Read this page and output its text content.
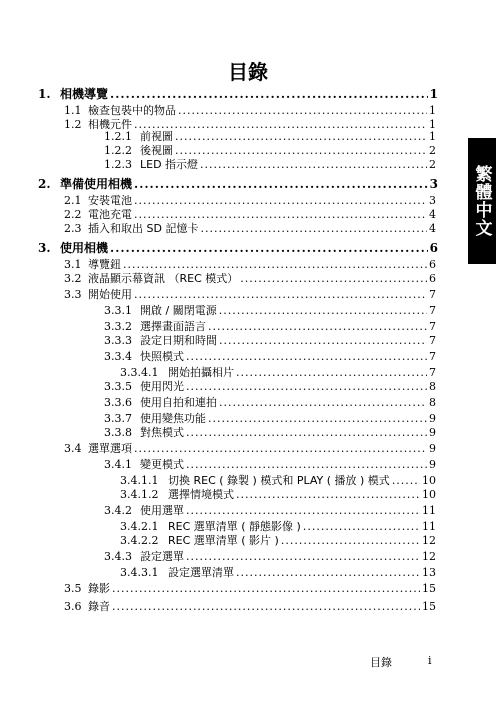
目錄
繁體中文
1. 相機導覽 .....	1
1.1 檢查包裝中的物品 .....	1
1.2 相機元件 .....	1
1.2.1 前視圖 .....	1
1.2.2 後視圖 .....	2
1.2.3 LED 指示燈 .....	2
2. 準備使用相機 .....	3
2.1 安裝電池 .....	3
2.2 電池充電 .....	4
2.3 插入和取出 SD 記憶卡 .....	4
3. 使用相機 .....	6
3.1 導覽鈕 .....	6
3.2 液晶顯示幕資訊 （REC 模式） .....	6
3.3 開始使用 .....	7
3.3.1 開啟 / 關閉電源 .....	7
3.3.2 選擇畫面語言 .....	7
3.3.3 設定日期和時間 .....	7
3.3.4 快照模式 .....	7
3.3.4.1 開始拍攝相片 .....	7
3.3.5 使用閃光 .....	8
3.3.6 使用自拍和連拍 .....	8
3.3.7 使用變焦功能 .....	9
3.3.8 對焦模式 .....	9
3.4 選單選項 .....	9
3.4.1 變更模式 .....	9
3.4.1.1 切換 REC ( 錄製 ) 模式和 PLAY ( 播放 ) 模式 .....	10
3.4.1.2 選擇情境模式 .....	10
3.4.2 使用選單 .....	11
3.4.2.1 REC 選單清單 ( 靜態影像 ) .....	11
3.4.2.2 REC 選單清單 ( 影片 ) .....	12
3.4.3 設定選單 .....	12
3.4.3.1 設定選單清單 .....	13
3.5 錄影 .....	15
3.6 錄音 .....	15
目錄	i
